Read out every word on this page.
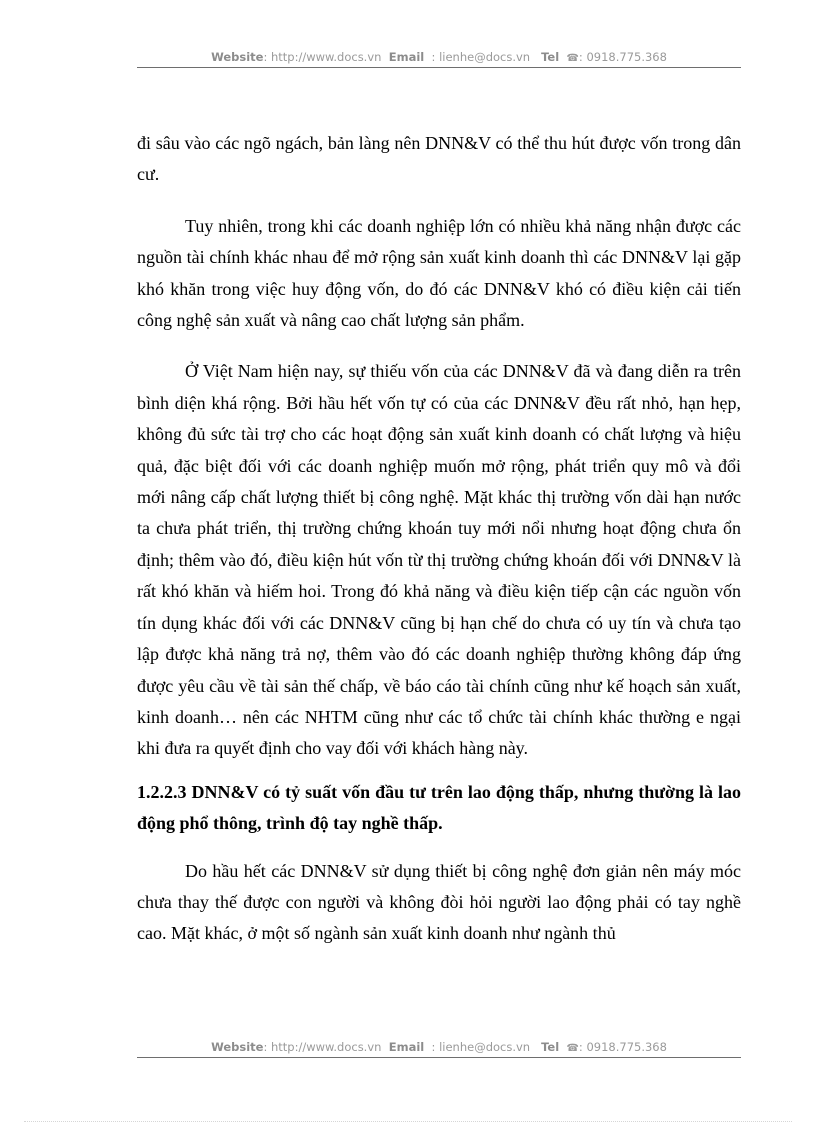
Website: http://www.docs.vn Email : lienhe@docs.vn Tel ☎: 0918.775.368

đi sâu vào các ngõ ngách, bản làng nên DNN&V có thể thu hút được vốn trong dân cư.

Tuy nhiên, trong khi các doanh nghiệp lớn có nhiều khả năng nhận được các nguồn tài chính khác nhau để mở rộng sản xuất kinh doanh thì các DNN&V lại gặp khó khăn trong việc huy động vốn, do đó các DNN&V khó có điều kiện cải tiến công nghệ sản xuất và nâng cao chất lượng sản phẩm.

Ở Việt Nam hiện nay, sự thiếu vốn của các DNN&V đã và đang diễn ra trên bình diện khá rộng. Bởi hầu hết vốn tự có của các DNN&V đều rất nhỏ, hạn hẹp, không đủ sức tài trợ cho các hoạt động sản xuất kinh doanh có chất lượng và hiệu quả, đặc biệt đối với các doanh nghiệp muốn mở rộng, phát triển quy mô và đổi mới nâng cấp chất lượng thiết bị công nghệ. Mặt khác thị trường vốn dài hạn nước ta chưa phát triển, thị trường chứng khoán tuy mới nổi nhưng hoạt động chưa ổn định; thêm vào đó, điều kiện hút vốn từ thị trường chứng khoán đối với DNN&V là rất khó khăn và hiếm hoi. Trong đó khả năng và điều kiện tiếp cận các nguồn vốn tín dụng khác đối với các DNN&V cũng bị hạn chế do chưa có uy tín và chưa tạo lập được khả năng trả nợ, thêm vào đó các doanh nghiệp thường không đáp ứng được yêu cầu về tài sản thế chấp, về báo cáo tài chính cũng như kế hoạch sản xuất, kinh doanh… nên các NHTM cũng như các tổ chức tài chính khác thường e ngại khi đưa ra quyết định cho vay đối với khách hàng này.

1.2.2.3 DNN&V có tỷ suất vốn đầu tư trên lao động thấp, nhưng thường là lao động phổ thông, trình độ tay nghề thấp.

Do hầu hết các DNN&V sử dụng thiết bị công nghệ đơn giản nên máy móc chưa thay thế được con người và không đòi hỏi người lao động phải có tay nghề cao. Mặt khác, ở một số ngành sản xuất kinh doanh như ngành thủ

Website: http://www.docs.vn Email : lienhe@docs.vn Tel ☎: 0918.775.368
